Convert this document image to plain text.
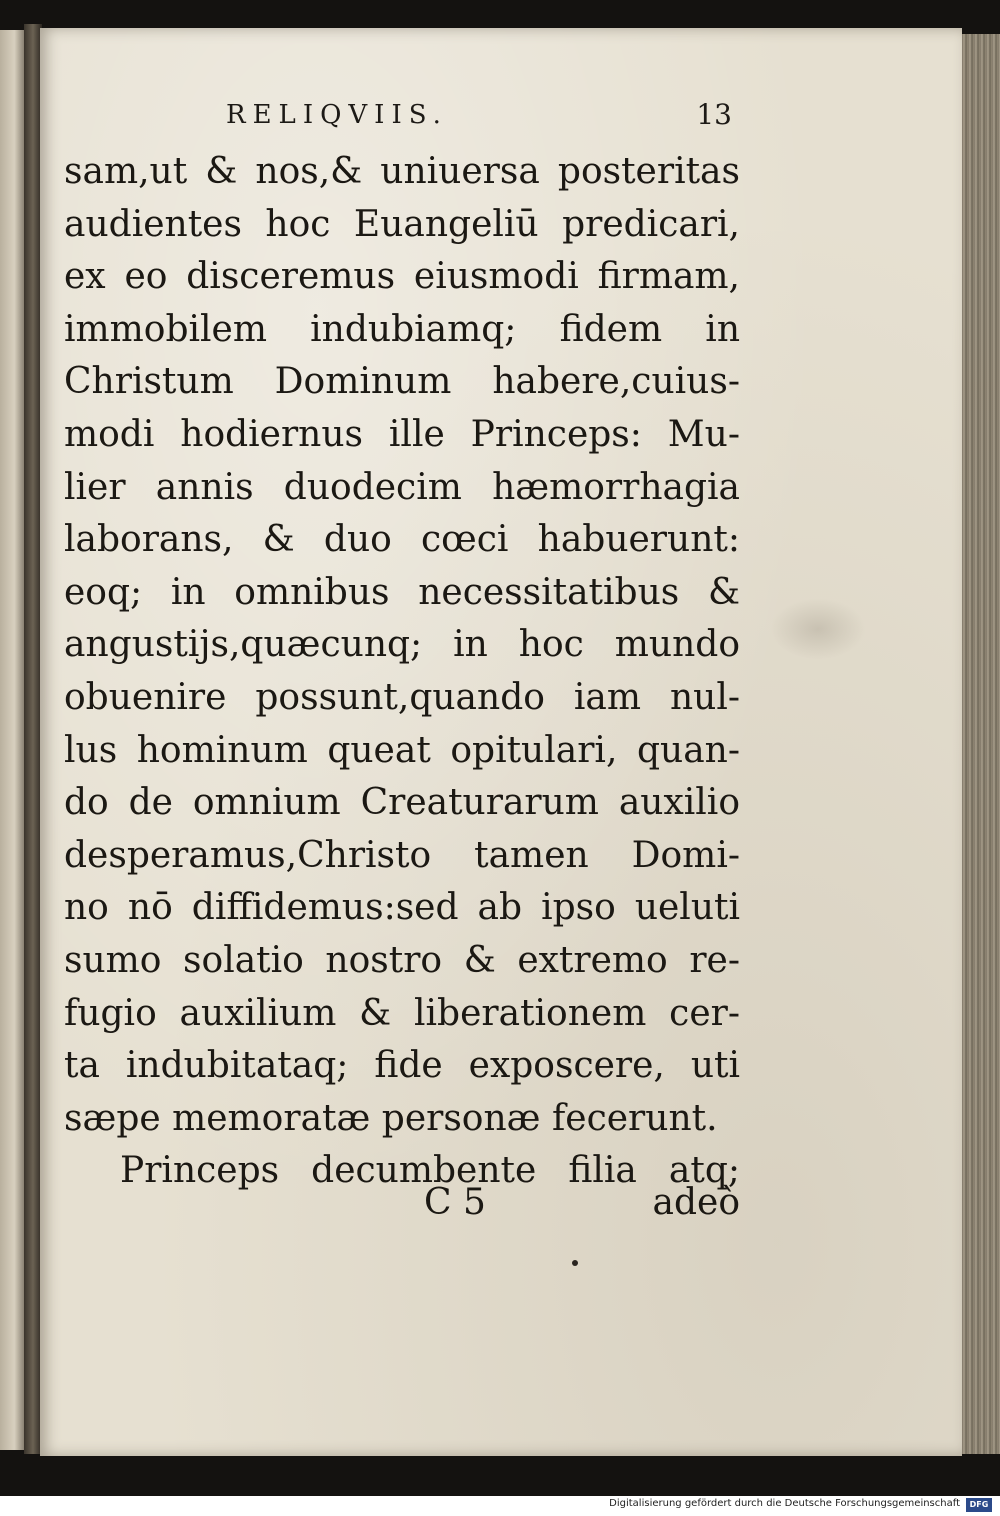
RELIQVIIS.	13
sam,ut & nos,& uniuersa posteritas
audientes hoc Euangeliū predicari,
ex eo disceremus eiusmodi firmam,
immobilem indubiamq; fidem in
Christum Dominum habere,cuius-
modi hodiernus ille Princeps: Mu-
lier annis duodecim hæmorrhagia
laborans, & duo cœci habuerunt:
eoq; in omnibus necessitatibus &
angustijs,quæcunq; in hoc mundo
obuenire possunt,quando iam nul-
lus hominum queat opitulari, quan-
do de omnium Creaturarum auxilio
desperamus,Christo tamen Domi-
no nō diffidemus:sed ab ipso ueluti
sumo solatio nostro & extremo re-
fugio auxilium & liberationem cer-
ta indubitataq; fide exposcere, uti
sæpe memoratæ personæ fecerunt.
Princeps decumbente filia atq;
C 5	adeò
Digitalisierung gefördert durch die Deutsche Forschungsgemeinschaft	DFG
